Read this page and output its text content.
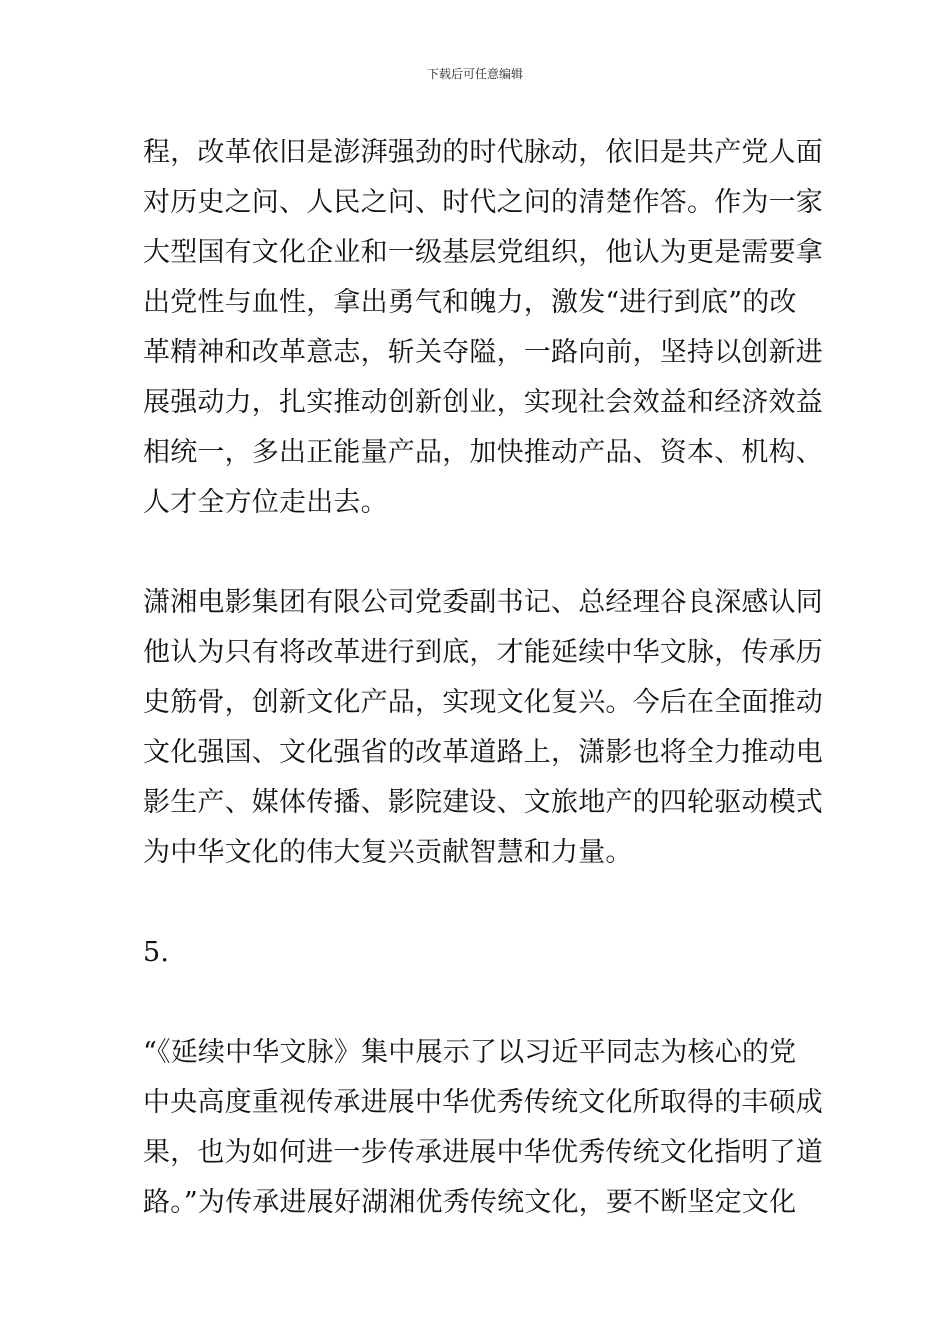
下载后可任意编辑
程，改革依旧是澎湃强劲的时代脉动，依旧是共产党人面
对历史之问、人民之问、时代之问的清楚作答。作为一家
大型国有文化企业和一级基层党组织，他认为更是需要拿
出党性与血性，拿出勇气和魄力，激发“进行到底”的改
革精神和改革意志，斩关夺隘，一路向前，坚持以创新进
展强动力，扎实推动创新创业，实现社会效益和经济效益
相统一，多出正能量产品，加快推动产品、资本、机构、
人才全方位走出去。
潇湘电影集团有限公司党委副书记、总经理谷良深感认同
他认为只有将改革进行到底，才能延续中华文脉，传承历
史筋骨，创新文化产品，实现文化复兴。今后在全面推动
文化强国、文化强省的改革道路上，潇影也将全力推动电
影生产、媒体传播、影院建设、文旅地产的四轮驱动模式
为中华文化的伟大复兴贡献智慧和力量。
5.
“《延续中华文脉》集中展示了以习近平同志为核心的党
中央高度重视传承进展中华优秀传统文化所取得的丰硕成
果，也为如何进一步传承进展中华优秀传统文化指明了道
路。”为传承进展好湖湘优秀传统文化，要不断坚定文化
